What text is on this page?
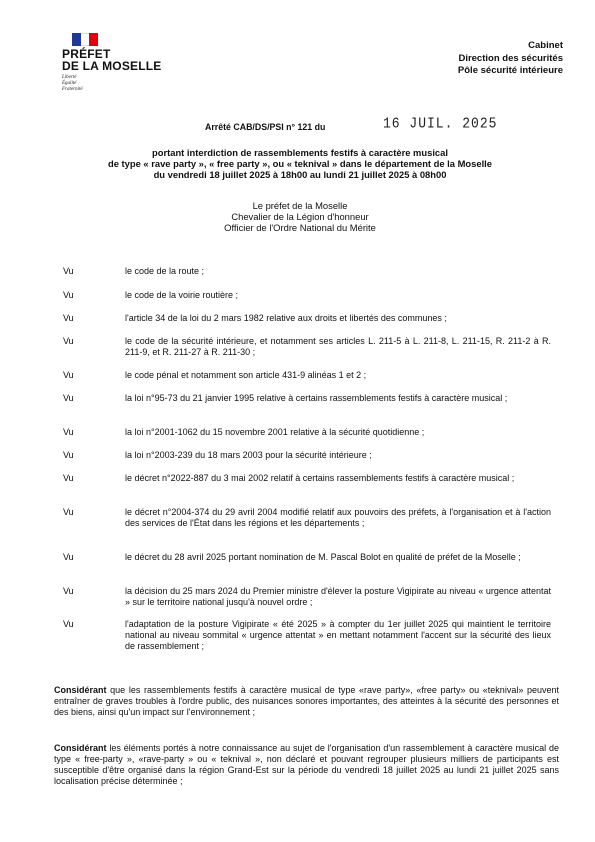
PRÉFET
DE LA MOSELLE
Liberté
Égalité
Fraternité
Cabinet
Direction des sécurités
Pôle sécurité intérieure
Arrêté CAB/DS/PSI n° 121 du	16 JUIL. 2025
portant interdiction de rassemblements festifs à caractère musical
de type « rave party », « free party », ou « teknival » dans le département de la Moselle
du vendredi 18 juillet 2025 à 18h00 au lundi 21 juillet 2025 à 08h00
Le préfet de la Moselle
Chevalier de la Légion d'honneur
Officier de l'Ordre National du Mérite
Vu	le code de la route ;
Vu	le code de la voirie routière ;
Vu	l'article 34 de la loi du 2 mars 1982 relative aux droits et libertés des communes ;
Vu	le code de la sécurité intérieure, et notamment ses articles L. 211-5 à L. 211-8, L. 211-15, R. 211-2 à R. 211-9, et R. 211-27 à R. 211-30 ;
Vu	le code pénal et notamment son article 431-9 alinéas 1 et 2 ;
Vu	la loi n°95-73 du 21 janvier 1995 relative à certains rassemblements festifs à caractère musical ;
Vu	la loi n°2001-1062 du 15 novembre 2001 relative à la sécurité quotidienne ;
Vu	la loi n°2003-239 du 18 mars 2003 pour la sécurité intérieure ;
Vu	le décret n°2022-887 du 3 mai 2002 relatif à certains rassemblements festifs à caractère musical ;
Vu	le décret n°2004-374 du 29 avril 2004 modifié relatif aux pouvoirs des préfets, à l'organisation et à l'action des services de l'État dans les régions et les départements ;
Vu	le décret du 28 avril 2025 portant nomination de M. Pascal Bolot en qualité de préfet de la Moselle ;
Vu	la décision du 25 mars 2024 du Premier ministre d'élever la posture Vigipirate au niveau « urgence attentat » sur le territoire national jusqu'à nouvel ordre ;
Vu	l'adaptation de la posture Vigipirate « été 2025 » à compter du 1er juillet 2025 qui maintient le territoire national au niveau sommital « urgence attentat » en mettant notamment l'accent sur la sécurité des lieux de rassemblement ;
Considérant que les rassemblements festifs à caractère musical de type «rave party», «free party» ou «teknival» peuvent entraîner de graves troubles à l'ordre public, des nuisances sonores importantes, des atteintes à la sécurité des personnes et des biens, ainsi qu'un impact sur l'environnement ;
Considérant les éléments portés à notre connaissance au sujet de l'organisation d'un rassemblement à caractère musical de type « free-party », «rave-party » ou « teknival », non déclaré et pouvant regrouper plusieurs milliers de participants est susceptible d'être organisé dans la région Grand-Est sur la période du vendredi 18 juillet 2025 au lundi 21 juillet 2025 sans localisation précise déterminée ;
